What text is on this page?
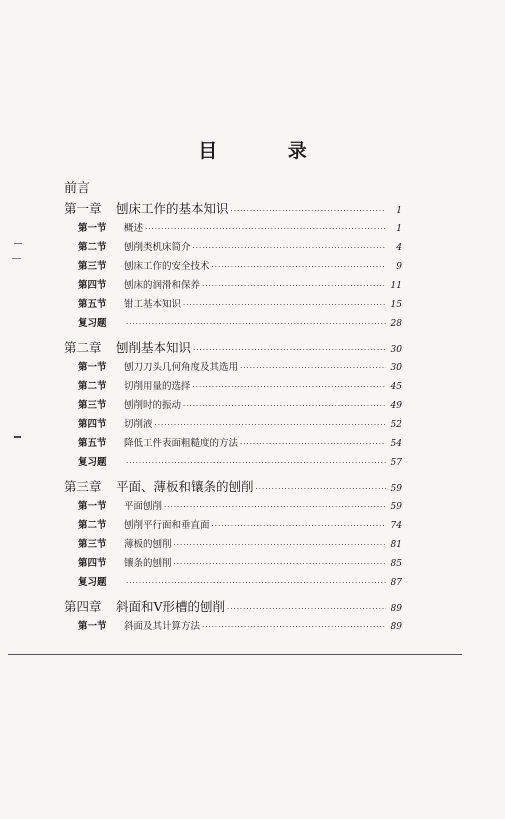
目 录
前言
第一章	刨床工作的基本知识 ·····	1
第一节	概述 ·····	1
第二节	刨削类机床简介 ·····	4
第三节	刨床工作的安全技术 ·····	9
第四节	刨床的润滑和保养 ·····	11
第五节	钳工基本知识 ·····	15
复习题 ·····	28
第二章	刨削基本知识 ·····	30
第一节	刨刀刀头几何角度及其选用 ·····	30
第二节	切削用量的选择 ·····	45
第三节	刨削时的振动 ·····	49
第四节	切削液 ·····	52
第五节	降低工件表面粗糙度的方法 ·····	54
复习题 ·····	57
第三章	平面、薄板和镶条的刨削 ·····	59
第一节	平面刨削 ·····	59
第二节	刨削平行面和垂直面 ·····	74
第三节	薄板的刨削 ·····	81
第四节	镶条的刨削 ·····	85
复习题 ·····	87
第四章	斜面和V形槽的刨削 ·····	89
第一节	斜面及其计算方法 ·····	89
